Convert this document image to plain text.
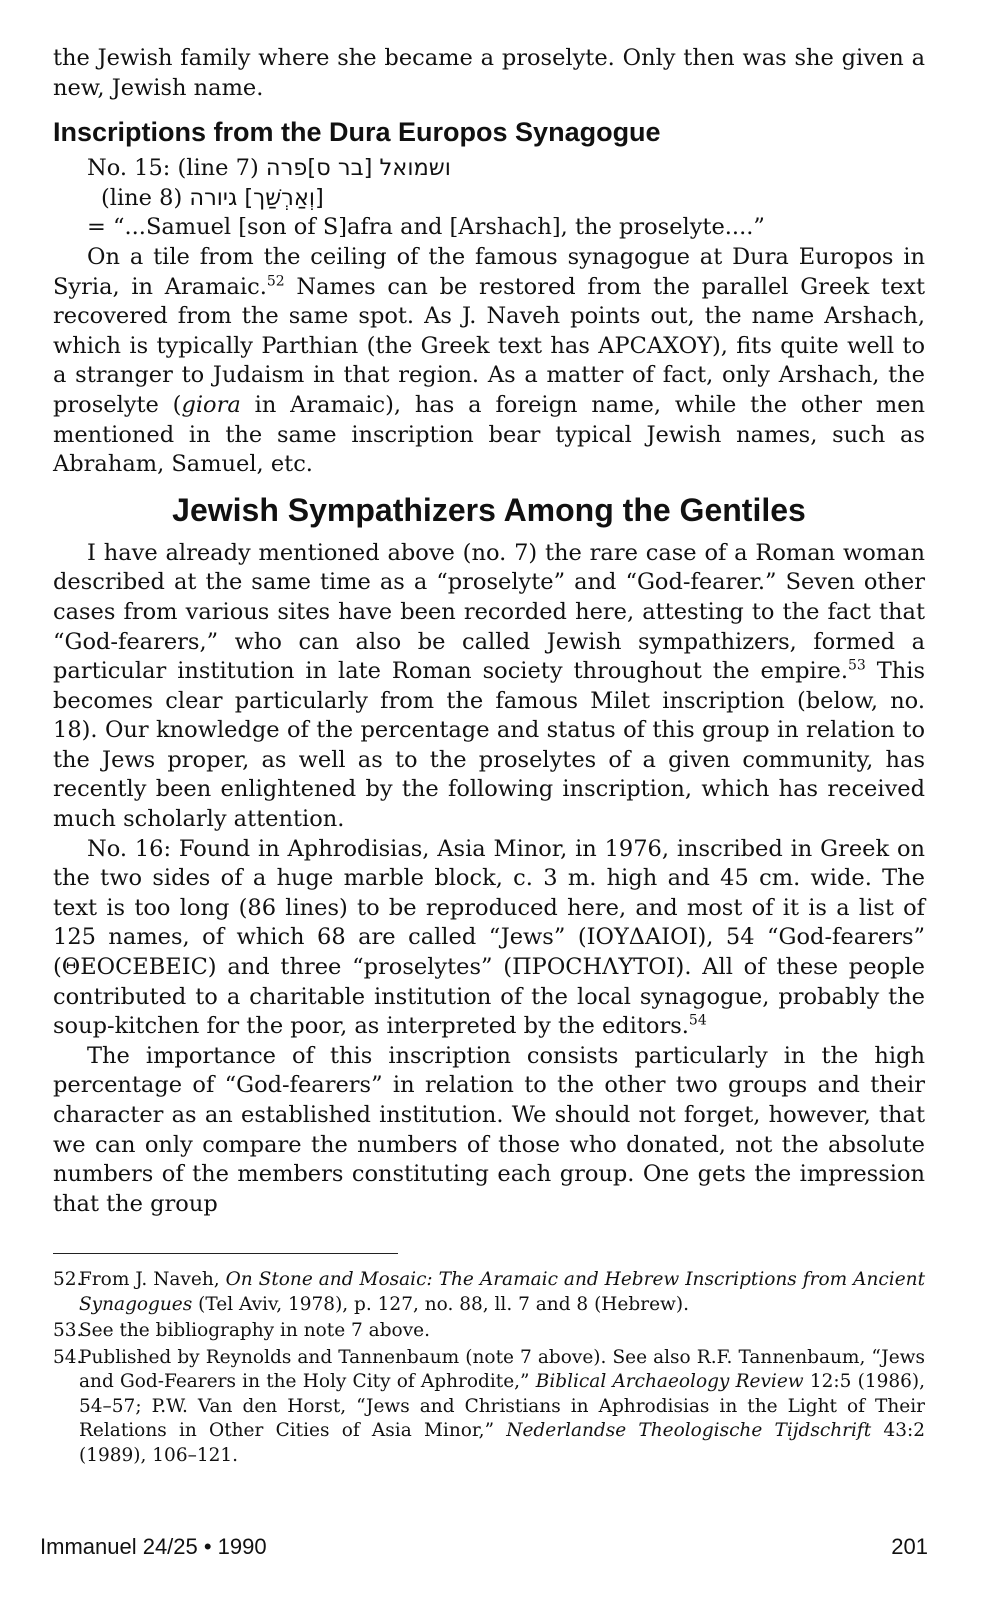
the Jewish family where she became a proselyte. Only then was she given a new, Jewish name.

Inscriptions from the Dura Europos Synagogue
No. 15: (line 7) ושמואל [בר ס]פרה
(line 8) [וְאַרְשַׁך] גיורה
= “...Samuel [son of S]afra and [Arshach], the proselyte....”

On a tile from the ceiling of the famous synagogue at Dura Europos in Syria, in Aramaic.$^{52}$ Names can be restored from the parallel Greek text recovered from the same spot. As J. Naveh points out, the name Arshach, which is typically Parthian (the Greek text has APCAXOY), fits quite well to a stranger to Judaism in that region. As a matter of fact, only Arshach, the proselyte (giora in Aramaic), has a foreign name, while the other men mentioned in the same inscription bear typical Jewish names, such as Abraham, Samuel, etc.

Jewish Sympathizers Among the Gentiles

I have already mentioned above (no. 7) the rare case of a Roman woman described at the same time as a “proselyte” and “God-fearer.” Seven other cases from various sites have been recorded here, attesting to the fact that “God-fearers,” who can also be called Jewish sympathizers, formed a particular institution in late Roman society throughout the empire.$^{53}$ This becomes clear particularly from the famous Milet inscription (below, no. 18). Our knowledge of the percentage and status of this group in relation to the Jews proper, as well as to the proselytes of a given community, has recently been enlightened by the following inscription, which has received much scholarly attention.

No. 16: Found in Aphrodisias, Asia Minor, in 1976, inscribed in Greek on the two sides of a huge marble block, c. 3 m. high and 45 cm. wide. The text is too long (86 lines) to be reproduced here, and most of it is a list of 125 names, of which 68 are called “Jews” (IOYΔAIOI), 54 “God-fearers” (ΘEOCEBEIC) and three “proselytes” (ΠPOCHΛYTOI). All of these people contributed to a charitable institution of the local synagogue, probably the soup-kitchen for the poor, as interpreted by the editors.$^{54}$

The importance of this inscription consists particularly in the high percentage of “God-fearers” in relation to the other two groups and their character as an established institution. We should not forget, however, that we can only compare the numbers of those who donated, not the absolute numbers of the members constituting each group. One gets the impression that the group

52.
From J. Naveh, On Stone and Mosaic: The Aramaic and Hebrew Inscriptions from Ancient Synagogues (Tel Aviv, 1978), p. 127, no. 88, ll. 7 and 8 (Hebrew).
53.
See the bibliography in note 7 above.
54.
Published by Reynolds and Tannenbaum (note 7 above). See also R.F. Tannenbaum, “Jews and God-Fearers in the Holy City of Aphrodite,” Biblical Archaeology Review 12:5 (1986), 54–57; P.W. Van den Horst, “Jews and Christians in Aphrodisias in the Light of Their Relations in Other Cities of Asia Minor,” Nederlandse Theologische Tijdschrift 43:2 (1989), 106–121.
Immanuel 24/25 • 1990	201
